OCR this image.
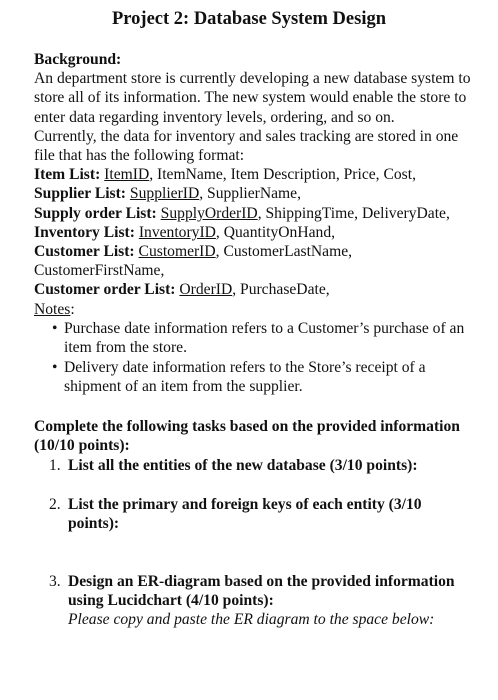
Project 2: Database System Design

Background:

An department store is currently developing a new database system to store all of its information. The new system would enable the store to enter data regarding inventory levels, ordering, and so on.

Currently, the data for inventory and sales tracking are stored in one file that has the following format:

Item List: ItemID, ItemName, Item Description, Price, Cost,

Supplier List: SupplierID, SupplierName,

Supply order List: SupplyOrderID, ShippingTime, DeliveryDate,

Inventory List: InventoryID, QuantityOnHand,

Customer List: CustomerID, CustomerLastName, CustomerFirstName,

Customer order List: OrderID, PurchaseDate,

Notes:

• Purchase date information refers to a Customer’s purchase of an item from the store.
• Delivery date information refers to the Store’s receipt of a shipment of an item from the supplier.

Complete the following tasks based on the provided information (10/10 points):

1. List all the entities of the new database (3/10 points):

2. List the primary and foreign keys of each entity (3/10 points):

3. Design an ER-diagram based on the provided information using Lucidchart (4/10 points):
Please copy and paste the ER diagram to the space below:
